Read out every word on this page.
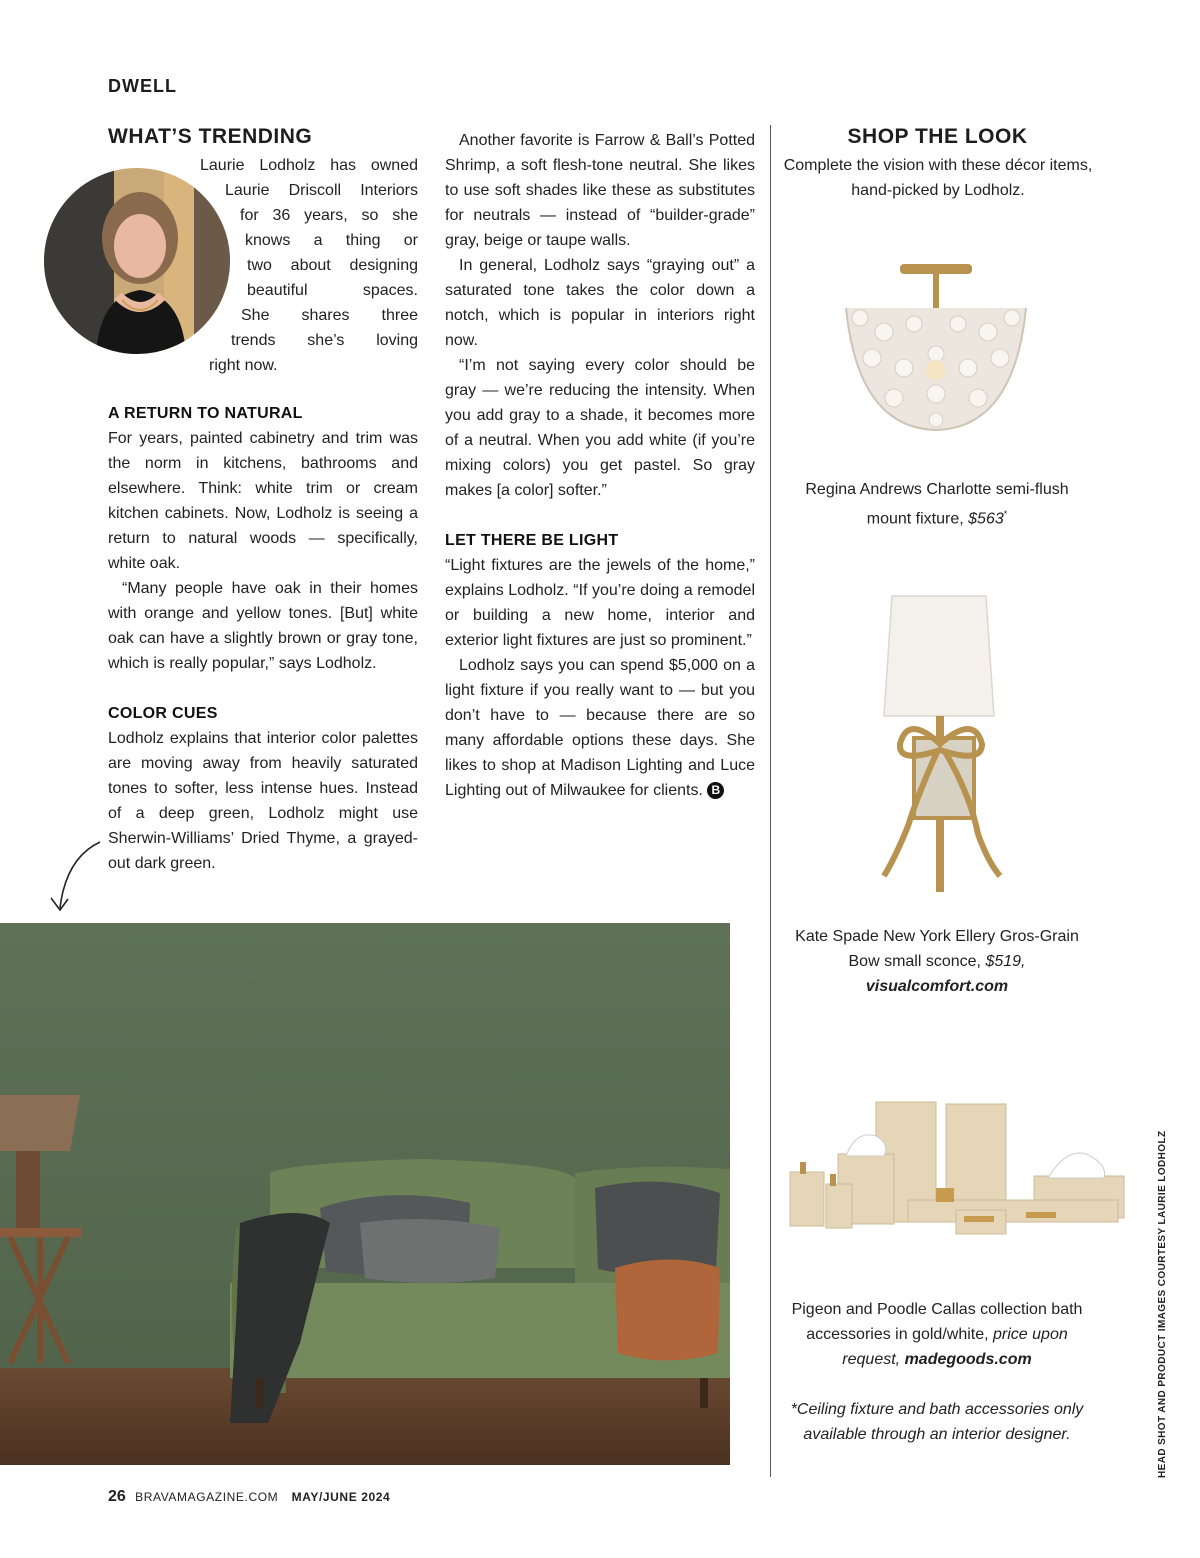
DWELL
WHAT’S TRENDING
Laurie Lodholz has owned
Laurie Driscoll Interiors
for 36 years, so she
knows a thing or
two about designing
beautiful spaces.
She shares three
trends she’s loving
right now.
A RETURN TO NATURAL

For years, painted cabinetry and trim was the norm in kitchens, bathrooms and elsewhere. Think: white trim or cream kitchen cabinets. Now, Lodholz is seeing a return to natural woods — specifically, white oak.

“Many people have oak in their homes with orange and yellow tones. [But] white oak can have a slightly brown or gray tone, which is really popular,” says Lodholz.

COLOR CUES

Lodholz explains that interior color palettes are moving away from heavily saturated tones to softer, less intense hues. Instead of a deep green, Lodholz might use Sherwin-Williams’ Dried Thyme, a grayed-out dark green.

Another favorite is Farrow & Ball’s Potted Shrimp, a soft flesh-tone neutral. She likes to use soft shades like these as substitutes for neutrals — instead of “builder-grade” gray, beige or taupe walls.

In general, Lodholz says “graying out” a saturated tone takes the color down a notch, which is popular in interiors right now.

“I’m not saying every color should be gray — we’re reducing the intensity. When you add gray to a shade, it becomes more of a neutral. When you add white (if you’re mixing colors) you get pastel. So gray makes [a color] softer.”

LET THERE BE LIGHT

“Light fixtures are the jewels of the home,” explains Lodholz. “If you’re doing a remodel or building a new home, interior and exterior light fixtures are just so prominent.”

Lodholz says you can spend $5,000 on a light fixture if you really want to — but you don’t have to — because there are so many affordable options these days. She likes to shop at Madison Lighting and Luce Lighting out of Milwaukee for clients. B

SHOP THE LOOK
Complete the vision with these décor items, hand-picked by Lodholz.
Regina Andrews Charlotte semi-flush mount fixture, $563*
Kate Spade New York Ellery Gros-Grain Bow small sconce, $519,
visualcomfort.com
Pigeon and Poodle Callas collection bath accessories in gold/white, price upon request, madegoods.com
*Ceiling fixture and bath accessories only available through an interior designer.	HEAD SHOT AND PRODUCT IMAGES COURTESY LAURIE LODHOLZ
26 BRAVAMAGAZINE.COM MAY/JUNE 2024
